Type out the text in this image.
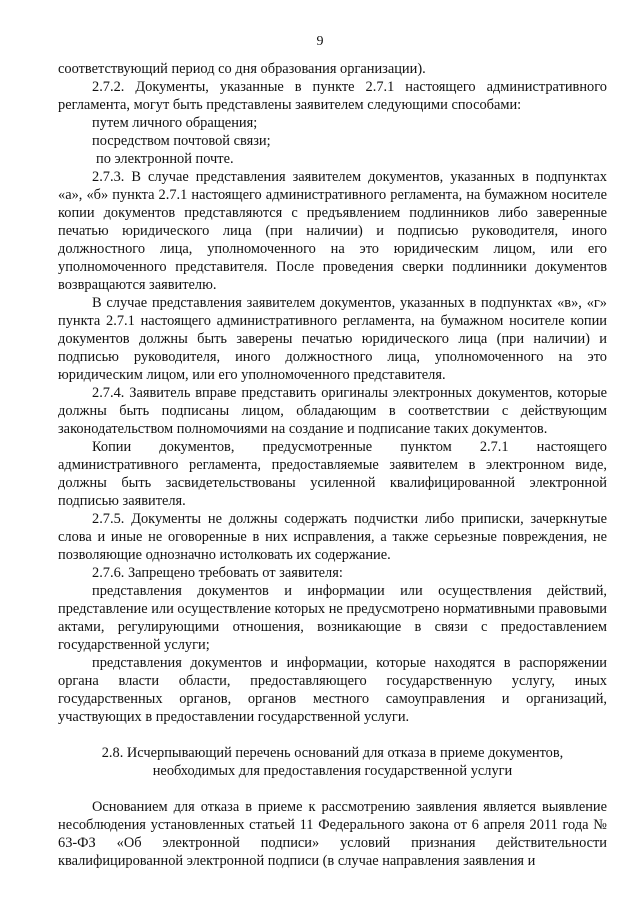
9

соответствующий период со дня образования организации).

2.7.2. Документы, указанные в пункте 2.7.1 настоящего административного регламента, могут быть представлены заявителем следующими способами:

путем личного обращения;

посредством почтовой связи;

по электронной почте.

2.7.3. В случае представления заявителем документов, указанных в подпунктах «а», «б» пункта 2.7.1 настоящего административного регламента, на бумажном носителе копии документов представляются с предъявлением подлинников либо заверенные печатью юридического лица (при наличии) и подписью руководителя, иного должностного лица, уполномоченного на это юридическим лицом, или его уполномоченного представителя. После проведения сверки подлинники документов возвращаются заявителю.

В случае представления заявителем документов, указанных в подпунктах «в», «г» пункта 2.7.1 настоящего административного регламента, на бумажном носителе копии документов должны быть заверены печатью юридического лица (при наличии) и подписью руководителя, иного должностного лица, уполномоченного на это юридическим лицом, или его уполномоченного представителя.

2.7.4. Заявитель вправе представить оригиналы электронных документов, которые должны быть подписаны лицом, обладающим в соответствии с действующим законодательством полномочиями на создание и подписание таких документов.

Копии документов, предусмотренные пунктом 2.7.1 настоящего административного регламента, предоставляемые заявителем в электронном виде, должны быть засвидетельствованы усиленной квалифицированной электронной подписью заявителя.

2.7.5. Документы не должны содержать подчистки либо приписки, зачеркнутые слова и иные не оговоренные в них исправления, а также серьезные повреждения, не позволяющие однозначно истолковать их содержание.

2.7.6. Запрещено требовать от заявителя:

представления документов и информации или осуществления действий, представление или осуществление которых не предусмотрено нормативными правовыми актами, регулирующими отношения, возникающие в связи с предоставлением государственной услуги;

представления документов и информации, которые находятся в распоряжении органа власти области, предоставляющего государственную услугу, иных государственных органов, органов местного самоуправления и организаций, участвующих в предоставлении государственной услуги.

2.8. Исчерпывающий перечень оснований для отказа в приеме документов,
необходимых для предоставления государственной услуги

Основанием для отказа в приеме к рассмотрению заявления является выявление несоблюдения установленных статьей 11 Федерального закона от 6 апреля 2011 года № 63-ФЗ «Об электронной подписи» условий признания действительности квалифицированной электронной подписи (в случае направления заявления и
